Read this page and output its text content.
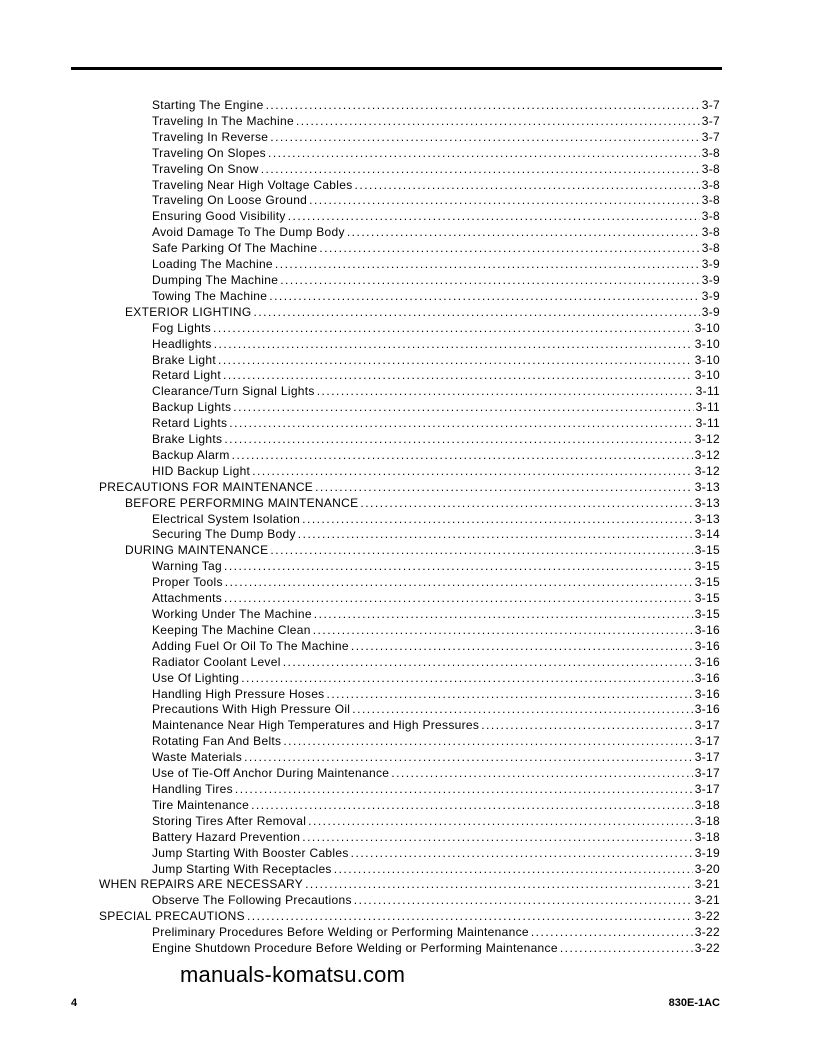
Starting The Engine .....	3-7
Traveling In The Machine .....	3-7
Traveling In Reverse .....	3-7
Traveling On Slopes .....	3-8
Traveling On Snow .....	3-8
Traveling Near High Voltage Cables .....	3-8
Traveling On Loose Ground .....	3-8
Ensuring Good Visibility .....	3-8
Avoid Damage To The Dump Body .....	3-8
Safe Parking Of The Machine .....	3-8
Loading The Machine .....	3-9
Dumping The Machine .....	3-9
Towing The Machine .....	3-9
EXTERIOR LIGHTING .....	3-9
Fog Lights .....	3-10
Headlights .....	3-10
Brake Light .....	3-10
Retard Light .....	3-10
Clearance/Turn Signal Lights .....	3-11
Backup Lights .....	3-11
Retard Lights .....	3-11
Brake Lights .....	3-12
Backup Alarm .....	3-12
HID Backup Light .....	3-12
PRECAUTIONS FOR MAINTENANCE .....	3-13
BEFORE PERFORMING MAINTENANCE .....	3-13
Electrical System Isolation .....	3-13
Securing The Dump Body .....	3-14
DURING MAINTENANCE .....	3-15
Warning Tag .....	3-15
Proper Tools .....	3-15
Attachments .....	3-15
Working Under The Machine .....	3-15
Keeping The Machine Clean .....	3-16
Adding Fuel Or Oil To The Machine .....	3-16
Radiator Coolant Level .....	3-16
Use Of Lighting .....	3-16
Handling High Pressure Hoses .....	3-16
Precautions With High Pressure Oil .....	3-16
Maintenance Near High Temperatures and High Pressures .....	3-17
Rotating Fan And Belts .....	3-17
Waste Materials .....	3-17
Use of Tie-Off Anchor During Maintenance .....	3-17
Handling Tires .....	3-17
Tire Maintenance .....	3-18
Storing Tires After Removal .....	3-18
Battery Hazard Prevention .....	3-18
Jump Starting With Booster Cables .....	3-19
Jump Starting With Receptacles .....	3-20
WHEN REPAIRS ARE NECESSARY .....	3-21
Observe The Following Precautions .....	3-21
SPECIAL PRECAUTIONS .....	3-22
Preliminary Procedures Before Welding or Performing Maintenance .....	3-22
Engine Shutdown Procedure Before Welding or Performing Maintenance .....	3-22
manuals-komatsu.com
4	830E-1AC
